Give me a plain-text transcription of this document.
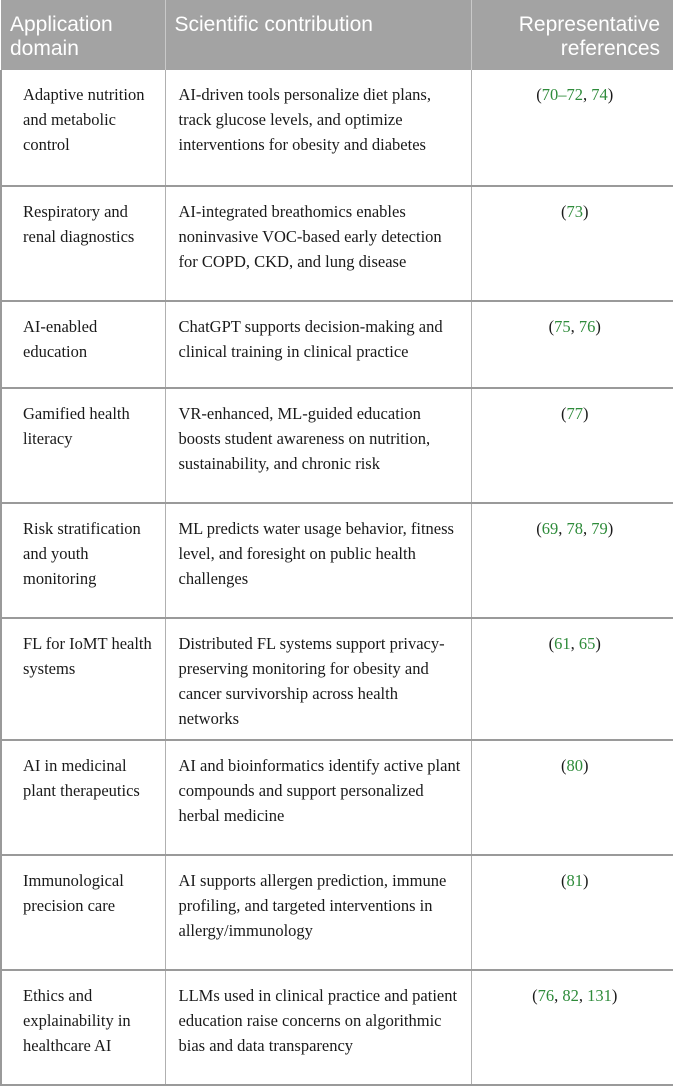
Application domain	Scientific contribution	Representative references
Adaptive nutrition and metabolic control	AI-driven tools personalize diet plans, track glucose levels, and optimize interventions for obesity and diabetes	(70–72, 74)
Respiratory and renal diagnostics	AI-integrated breathomics enables noninvasive VOC-based early detection for COPD, CKD, and lung disease	(73)
AI-enabled education	ChatGPT supports decision-making and clinical training in clinical practice	(75, 76)
Gamified health literacy	VR-enhanced, ML-guided education boosts student awareness on nutrition, sustainability, and chronic risk	(77)
Risk stratification and youth monitoring	ML predicts water usage behavior, fitness level, and foresight on public health challenges	(69, 78, 79)
FL for IoMT health systems	Distributed FL systems support privacy-preserving monitoring for obesity and cancer survivorship across health networks	(61, 65)
AI in medicinal plant therapeutics	AI and bioinformatics identify active plant compounds and support personalized herbal medicine	(80)
Immunological precision care	AI supports allergen prediction, immune profiling, and targeted interventions in allergy/immunology	(81)
Ethics and explainability in healthcare AI	LLMs used in clinical practice and patient education raise concerns on algorithmic bias and data transparency	(76, 82, 131)
